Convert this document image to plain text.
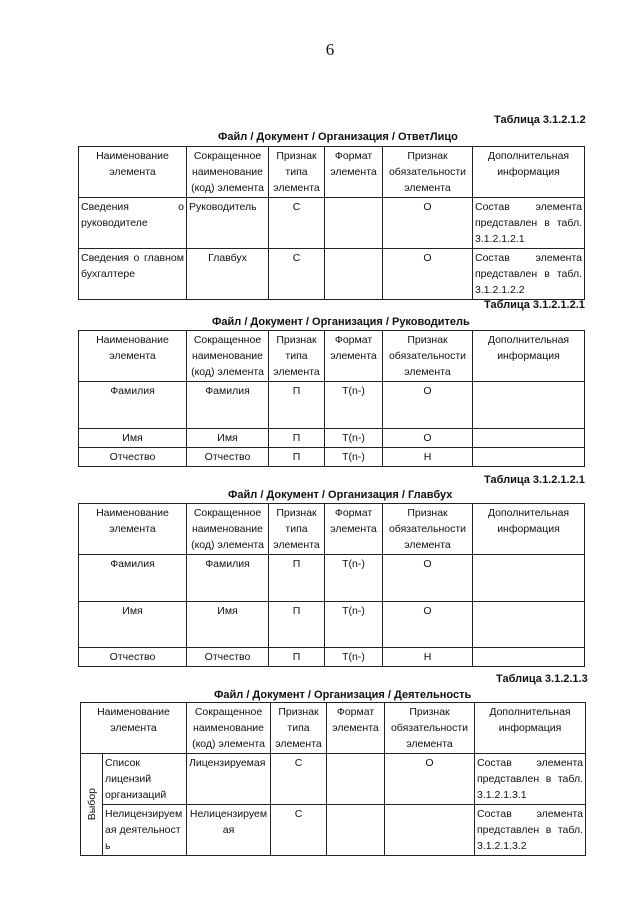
6
Таблица 3.1.2.1.2
Файл / Документ / Организация / ОтветЛицо
Наименование элемента	Сокращенное наименование (код) элемента	Признак типа элемента	Формат элемента	Признак обязательности элемента	Дополнительная информация
Сведения о руководителе	Руководитель	С		О	Состав элемента представлен в табл. 3.1.2.1.2.1
Сведения о главном бухгалтере	Главбух	С		О	Состав элемента представлен в табл. 3.1.2.1.2.2
Таблица 3.1.2.1.2.1
Файл / Документ / Организация / Руководитель
Наименование элемента	Сокращенное наименование (код) элемента	Признак типа элемента	Формат элемента	Признак обязательности элемента	Дополнительная информация
Фамилия	Фамилия	П	T(n-)	О	
Имя	Имя	П	T(n-)	О	
Отчество	Отчество	П	T(n-)	Н	
Таблица 3.1.2.1.2.1
Файл / Документ / Организация / Главбух
Наименование элемента	Сокращенное наименование (код) элемента	Признак типа элемента	Формат элемента	Признак обязательности элемента	Дополнительная информация
Фамилия	Фамилия	П	T(n-)	О	
Имя	Имя	П	T(n-)	О	
Отчество	Отчество	П	T(n-)	Н	
Таблица 3.1.2.1.3
Файл / Документ / Организация / Деятельность
Наименование элемента		Сокращенное наименование (код) элемента	Признак типа элемента	Формат элемента	Признак обязательности элемента	Дополнительная информация
Выбор	Список лицензий организаций	Лицензируемая	С		О	Состав элемента представлен в табл. 3.1.2.1.3.1
	Нелицензируемая деятельность	Нелицензируемая	С			Состав элемента представлен в табл. 3.1.2.1.3.2
